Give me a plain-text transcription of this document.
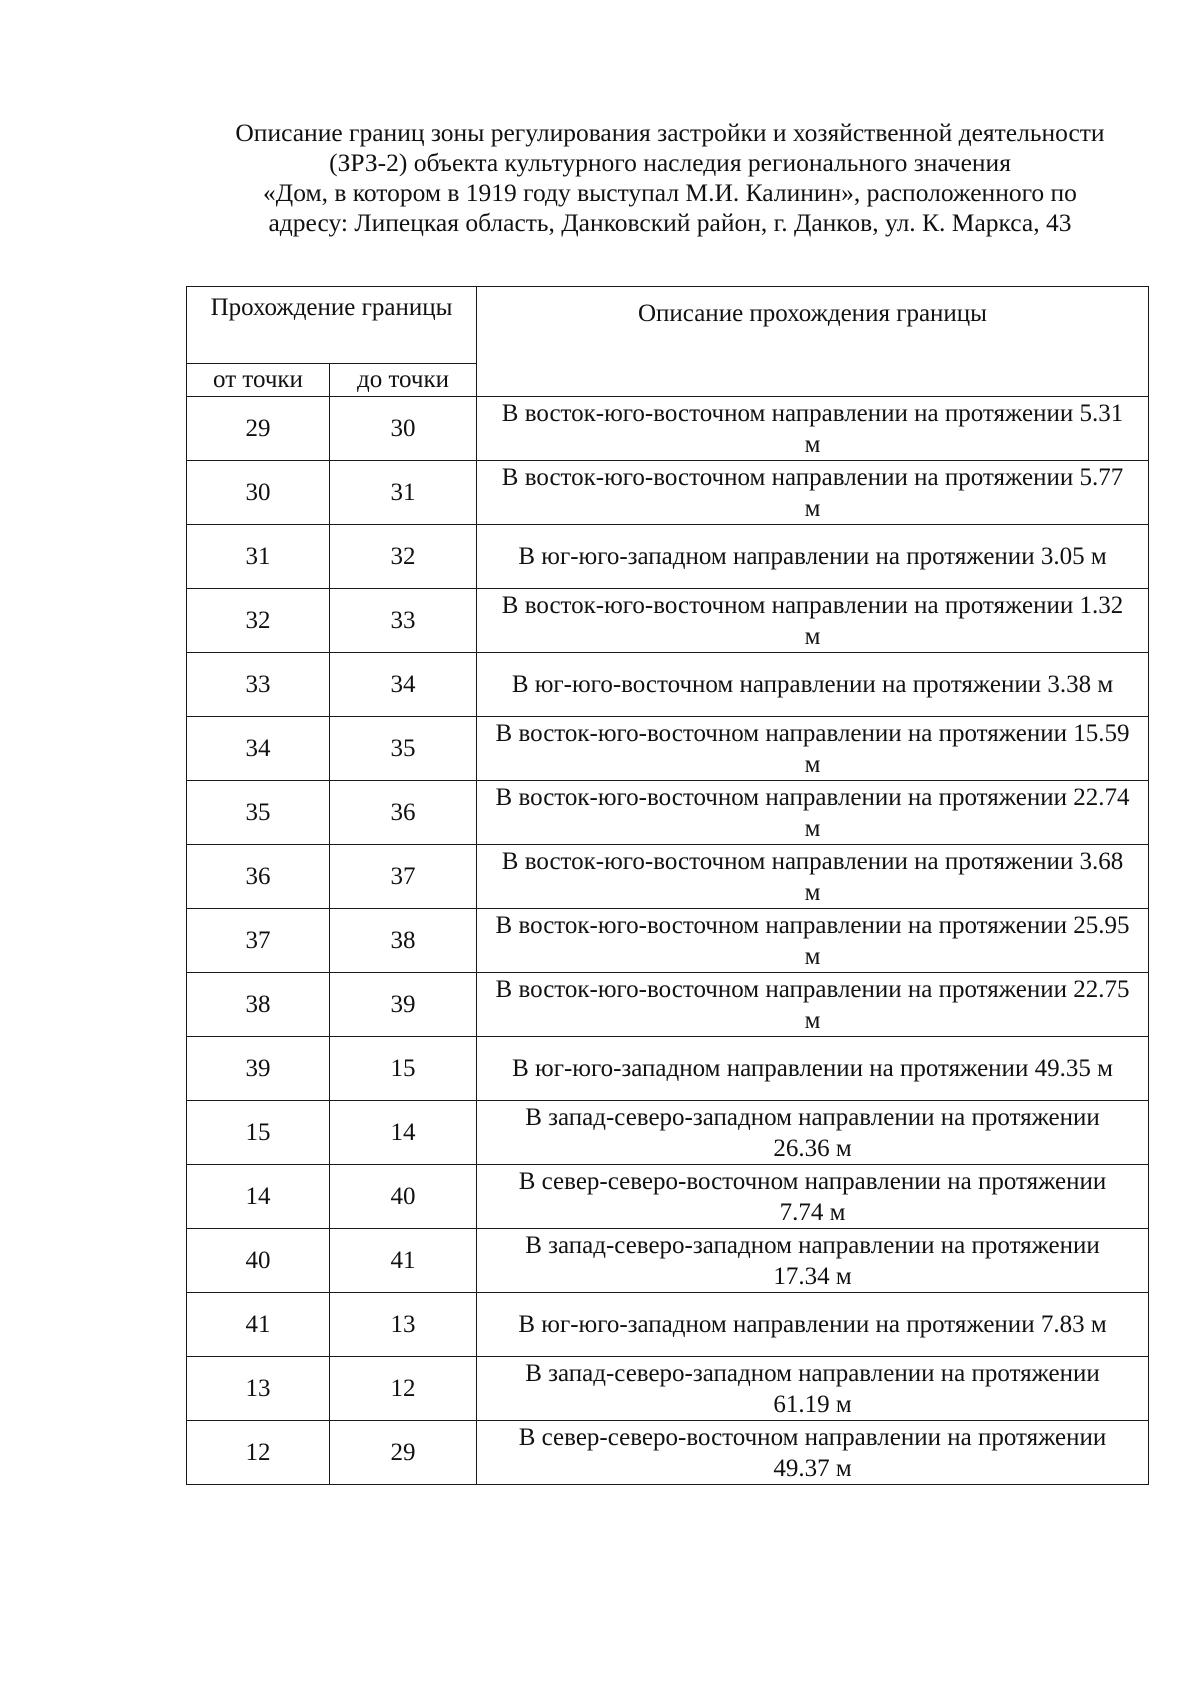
Описание границ зоны регулирования застройки и хозяйственной деятельности
(ЗРЗ-2) объекта культурного наследия регионального значения
«Дом, в котором в 1919 году выступал М.И. Калинин», расположенного по
адресу: Липецкая область, Данковский район, г. Данков, ул. К. Маркса, 43
Прохождение границы		Описание прохождения границы
от точки	до точки	
29	30	В восток-юго-восточном направлении на протяжении 5.31 м
30	31	В восток-юго-восточном направлении на протяжении 5.77 м
31	32	В юг-юго-западном направлении на протяжении 3.05 м
32	33	В восток-юго-восточном направлении на протяжении 1.32 м
33	34	В юг-юго-восточном направлении на протяжении 3.38 м
34	35	В восток-юго-восточном направлении на протяжении 15.59 м
35	36	В восток-юго-восточном направлении на протяжении 22.74 м
36	37	В восток-юго-восточном направлении на протяжении 3.68 м
37	38	В восток-юго-восточном направлении на протяжении 25.95 м
38	39	В восток-юго-восточном направлении на протяжении 22.75 м
39	15	В юг-юго-западном направлении на протяжении 49.35 м
15	14	В запад-северо-западном направлении на протяжении 26.36 м
14	40	В север-северо-восточном направлении на протяжении 7.74 м
40	41	В запад-северо-западном направлении на протяжении 17.34 м
41	13	В юг-юго-западном направлении на протяжении 7.83 м
13	12	В запад-северо-западном направлении на протяжении 61.19 м
12	29	В север-северо-восточном направлении на протяжении 49.37 м
